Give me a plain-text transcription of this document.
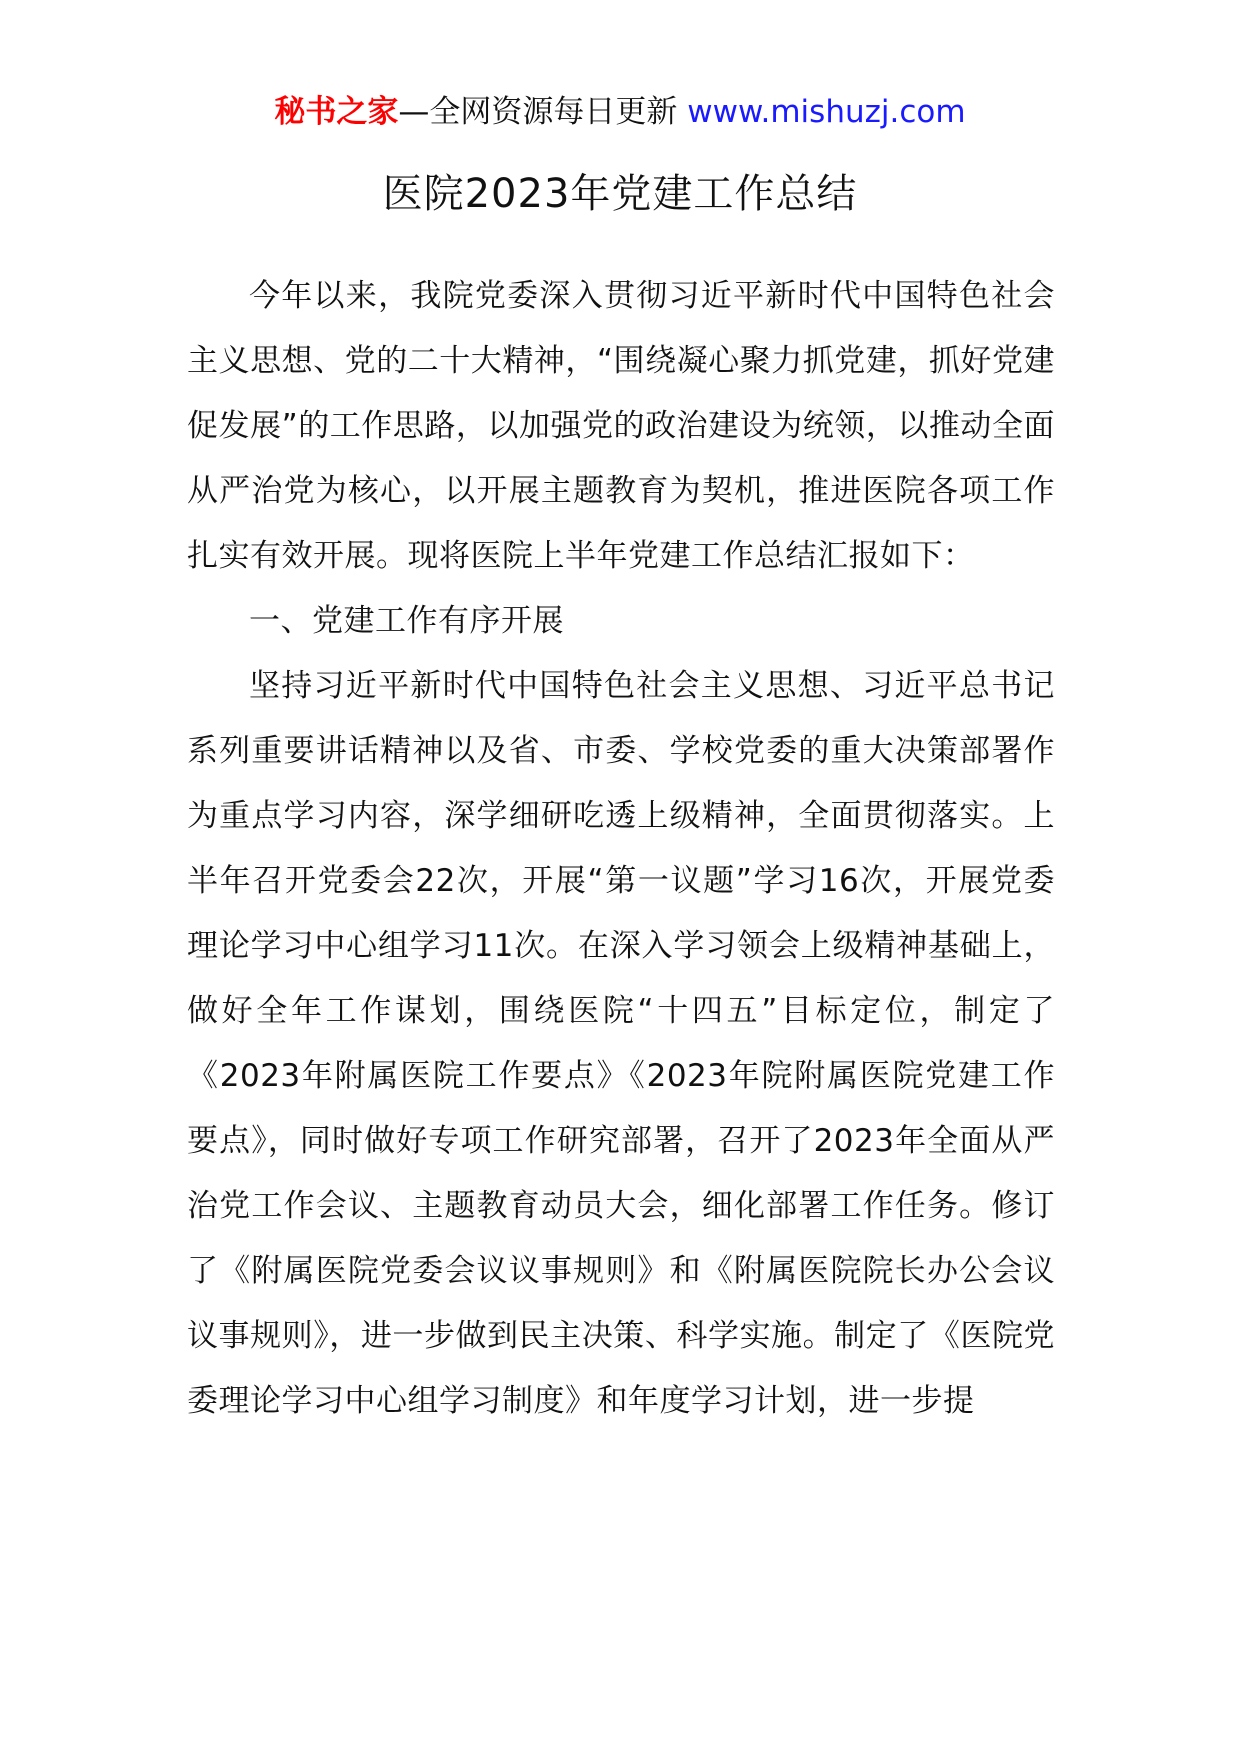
秘书之家—全网资源每日更新 www.mishuzj.com
医院2023年党建工作总结

今年以来，我院党委深入贯彻习近平新时代中国特色社会主义思想、党的二十大精神，“围绕凝心聚力抓党建，抓好党建促发展”的工作思路，以加强党的政治建设为统领，以推动全面从严治党为核心，以开展主题教育为契机，推进医院各项工作扎实有效开展。现将医院上半年党建工作总结汇报如下：

一、党建工作有序开展

坚持习近平新时代中国特色社会主义思想、习近平总书记系列重要讲话精神以及省、市委、学校党委的重大决策部署作为重点学习内容，深学细研吃透上级精神，全面贯彻落实。上半年召开党委会22次，开展“第一议题”学习16次，开展党委理论学习中心组学习11次。在深入学习领会上级精神基础上，做好全年工作谋划，围绕医院“十四五”目标定位，制定了《2023年附属医院工作要点》《2023年院附属医院党建工作要点》，同时做好专项工作研究部署，召开了2023年全面从严治党工作会议、主题教育动员大会，细化部署工作任务。修订了《附属医院党委会议议事规则》和《附属医院院长办公会议议事规则》，进一步做到民主决策、科学实施。制定了《医院党委理论学习中心组学习制度》和年度学习计划，进一步提
